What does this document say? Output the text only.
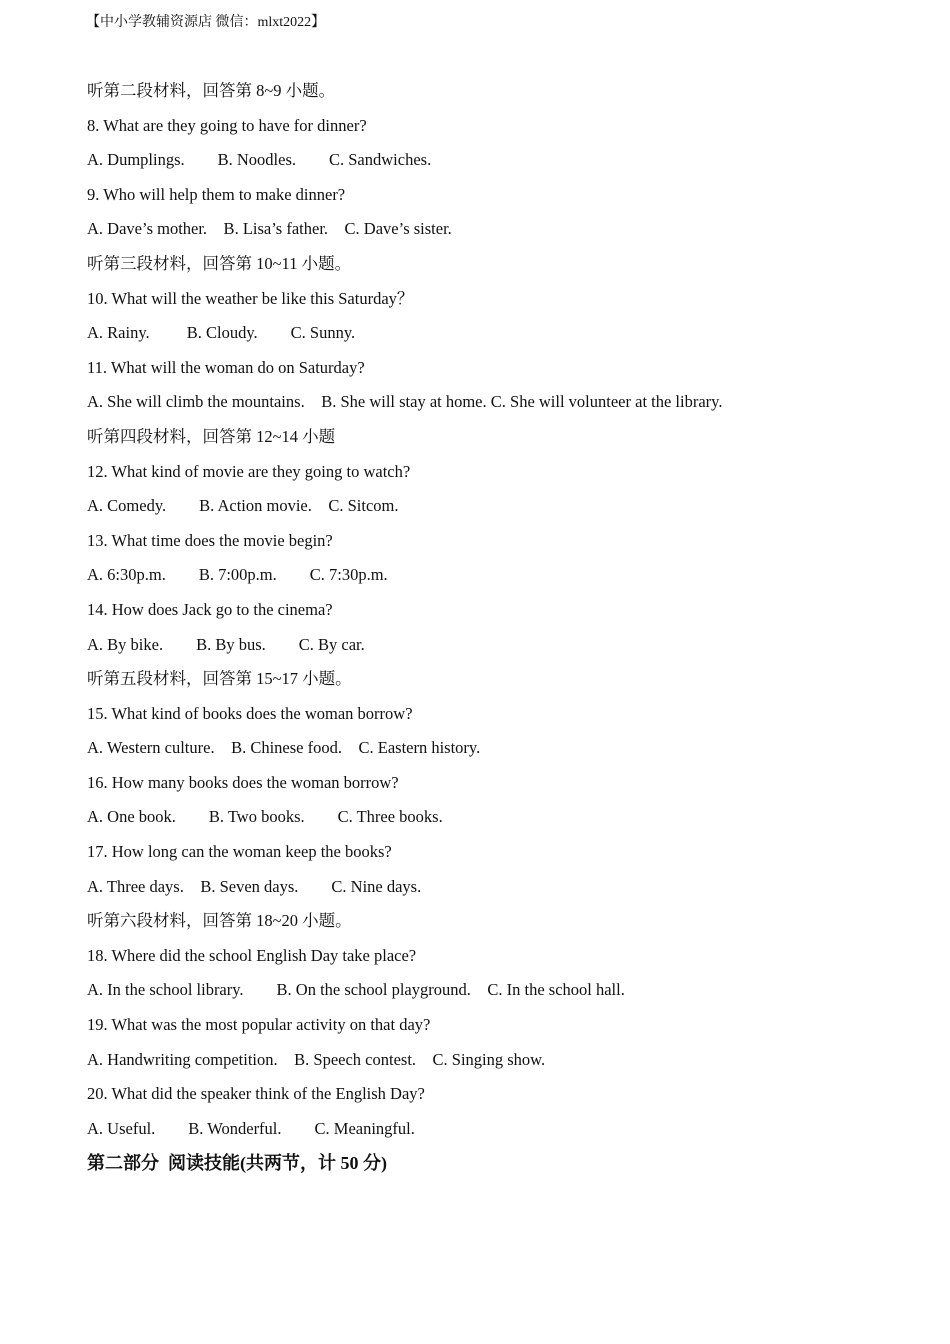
【中小学教辅资源店 微信：mlxt2022】
听第二段材料，回答第 8~9 小题。
8. What are they going to have for dinner?
A. Dumplings.        B. Noodles.        C. Sandwiches.
9. Who will help them to make dinner?
A. Dave’s mother.    B. Lisa’s father.    C. Dave’s sister.
听第三段材料，回答第 10~11 小题。
10. What will the weather be like this Saturday？
A. Rainy.         B. Cloudy.        C. Sunny.
11. What will the woman do on Saturday?
A. She will climb the mountains.    B. She will stay at home. C. She will volunteer at the library.
听第四段材料，回答第 12~14 小题
12. What kind of movie are they going to watch?
A. Comedy.        B. Action movie.    C. Sitcom.
13. What time does the movie begin?
A. 6:30p.m.        B. 7:00p.m.        C. 7:30p.m.
14. How does Jack go to the cinema?
A. By bike.        B. By bus.        C. By car.
听第五段材料，回答第 15~17 小题。
15. What kind of books does the woman borrow?
A. Western culture.    B. Chinese food.    C. Eastern history.
16. How many books does the woman borrow?
A. One book.        B. Two books.        C. Three books.
17. How long can the woman keep the books?
A. Three days.    B. Seven days.        C. Nine days.
听第六段材料，回答第 18~20 小题。
18. Where did the school English Day take place?
A. In the school library.        B. On the school playground.    C. In the school hall.
19. What was the most popular activity on that day?
A. Handwriting competition.    B. Speech contest.    C. Singing show.
20. What did the speaker think of the English Day?
A. Useful.        B. Wonderful.        C. Meaningful.
第二部分  阅读技能(共两节，计 50 分)
